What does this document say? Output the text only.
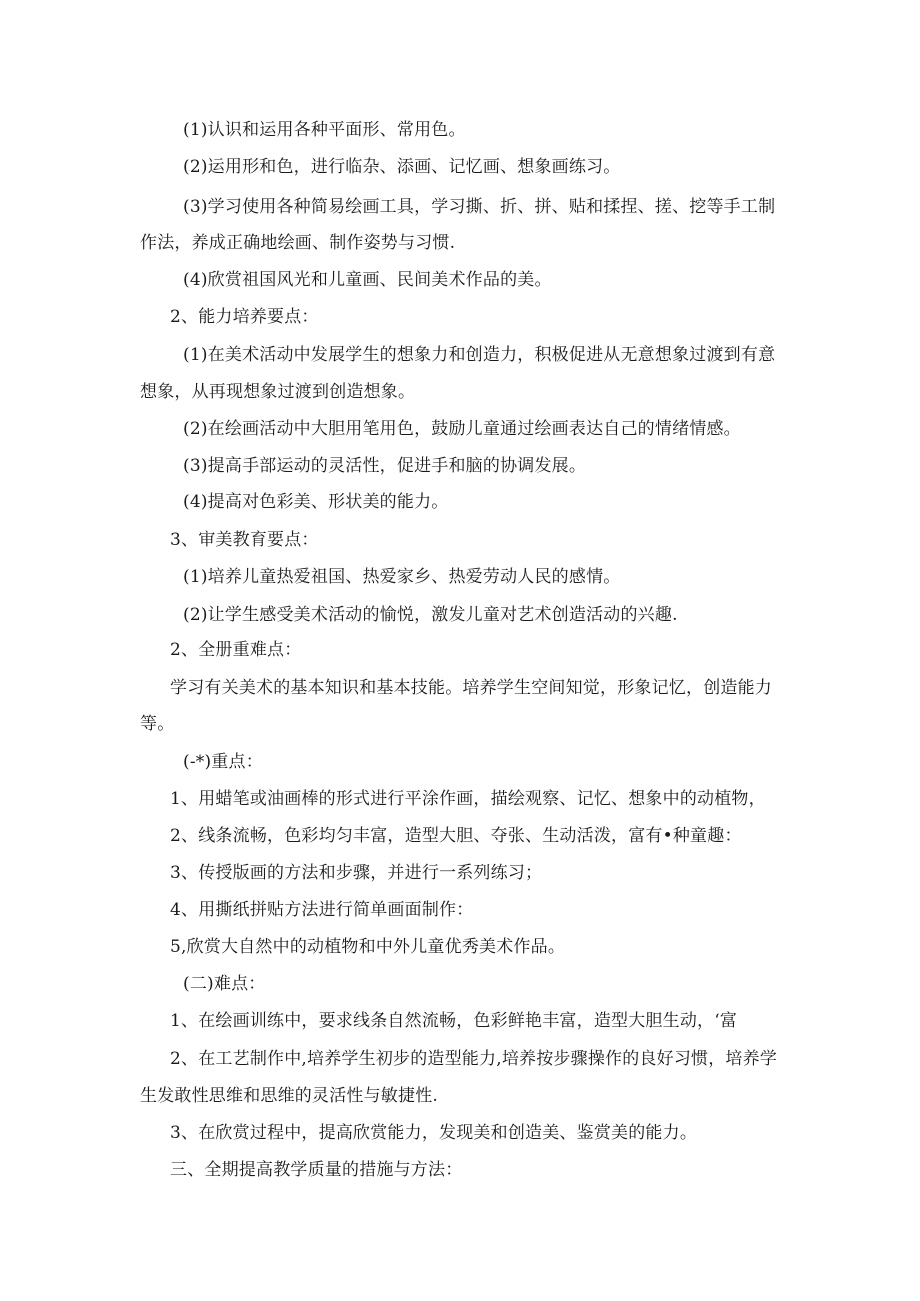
(1)认识和运用各种平面形、常用色。
(2)运用形和色，进行临杂、添画、记忆画、想象画练习。
(3)学习使用各种简易绘画工具，学习撕、折、拼、贴和揉捏、搓、挖等手工制
作法，养成正确地绘画、制作姿势与习惯.
(4)欣赏祖国风光和儿童画、民间美术作品的美。
2、能力培养要点：
(1)在美术活动中发展学生的想象力和创造力，积极促进从无意想象过渡到有意
想象，从再现想象过渡到创造想象。
(2)在绘画活动中大胆用笔用色，鼓励儿童通过绘画表达自己的情绪情感。
(3)提高手部运动的灵活性，促进手和脑的协调发展。
(4)提高对色彩美、形状美的能力。
3、审美教育要点：
(1)培养儿童热爱祖国、热爱家乡、热爱劳动人民的感情。
(2)让学生感受美术活动的愉悦，激发儿童对艺术创造活动的兴趣.
2、全册重难点：
学习有关美术的基本知识和基本技能。培养学生空间知觉，形象记忆，创造能力
等。
(-*)重点：
1、用蜡笔或油画棒的形式进行平涂作画，描绘观察、记忆、想象中的动植物，
2、线条流畅，色彩均匀丰富，造型大胆、夺张、生动活泼，富有•种童趣：
3、传授版画的方法和步骤，并进行一系列练习；
4、用撕纸拼贴方法进行简单画面制作：
5,欣赏大自然中的动植物和中外儿童优秀美术作品。
(二)难点：
1、在绘画训练中，要求线条自然流畅，色彩鲜艳丰富，造型大胆生动，‘富
2、在工艺制作中,培养学生初步的造型能力,培养按步骤操作的良好习惯，培养学
生发敢性思维和思维的灵活性与敏捷性.
3、在欣赏过程中，提高欣赏能力，发现美和创造美、鉴赏美的能力。
三、全期提高教学质量的措施与方法：
